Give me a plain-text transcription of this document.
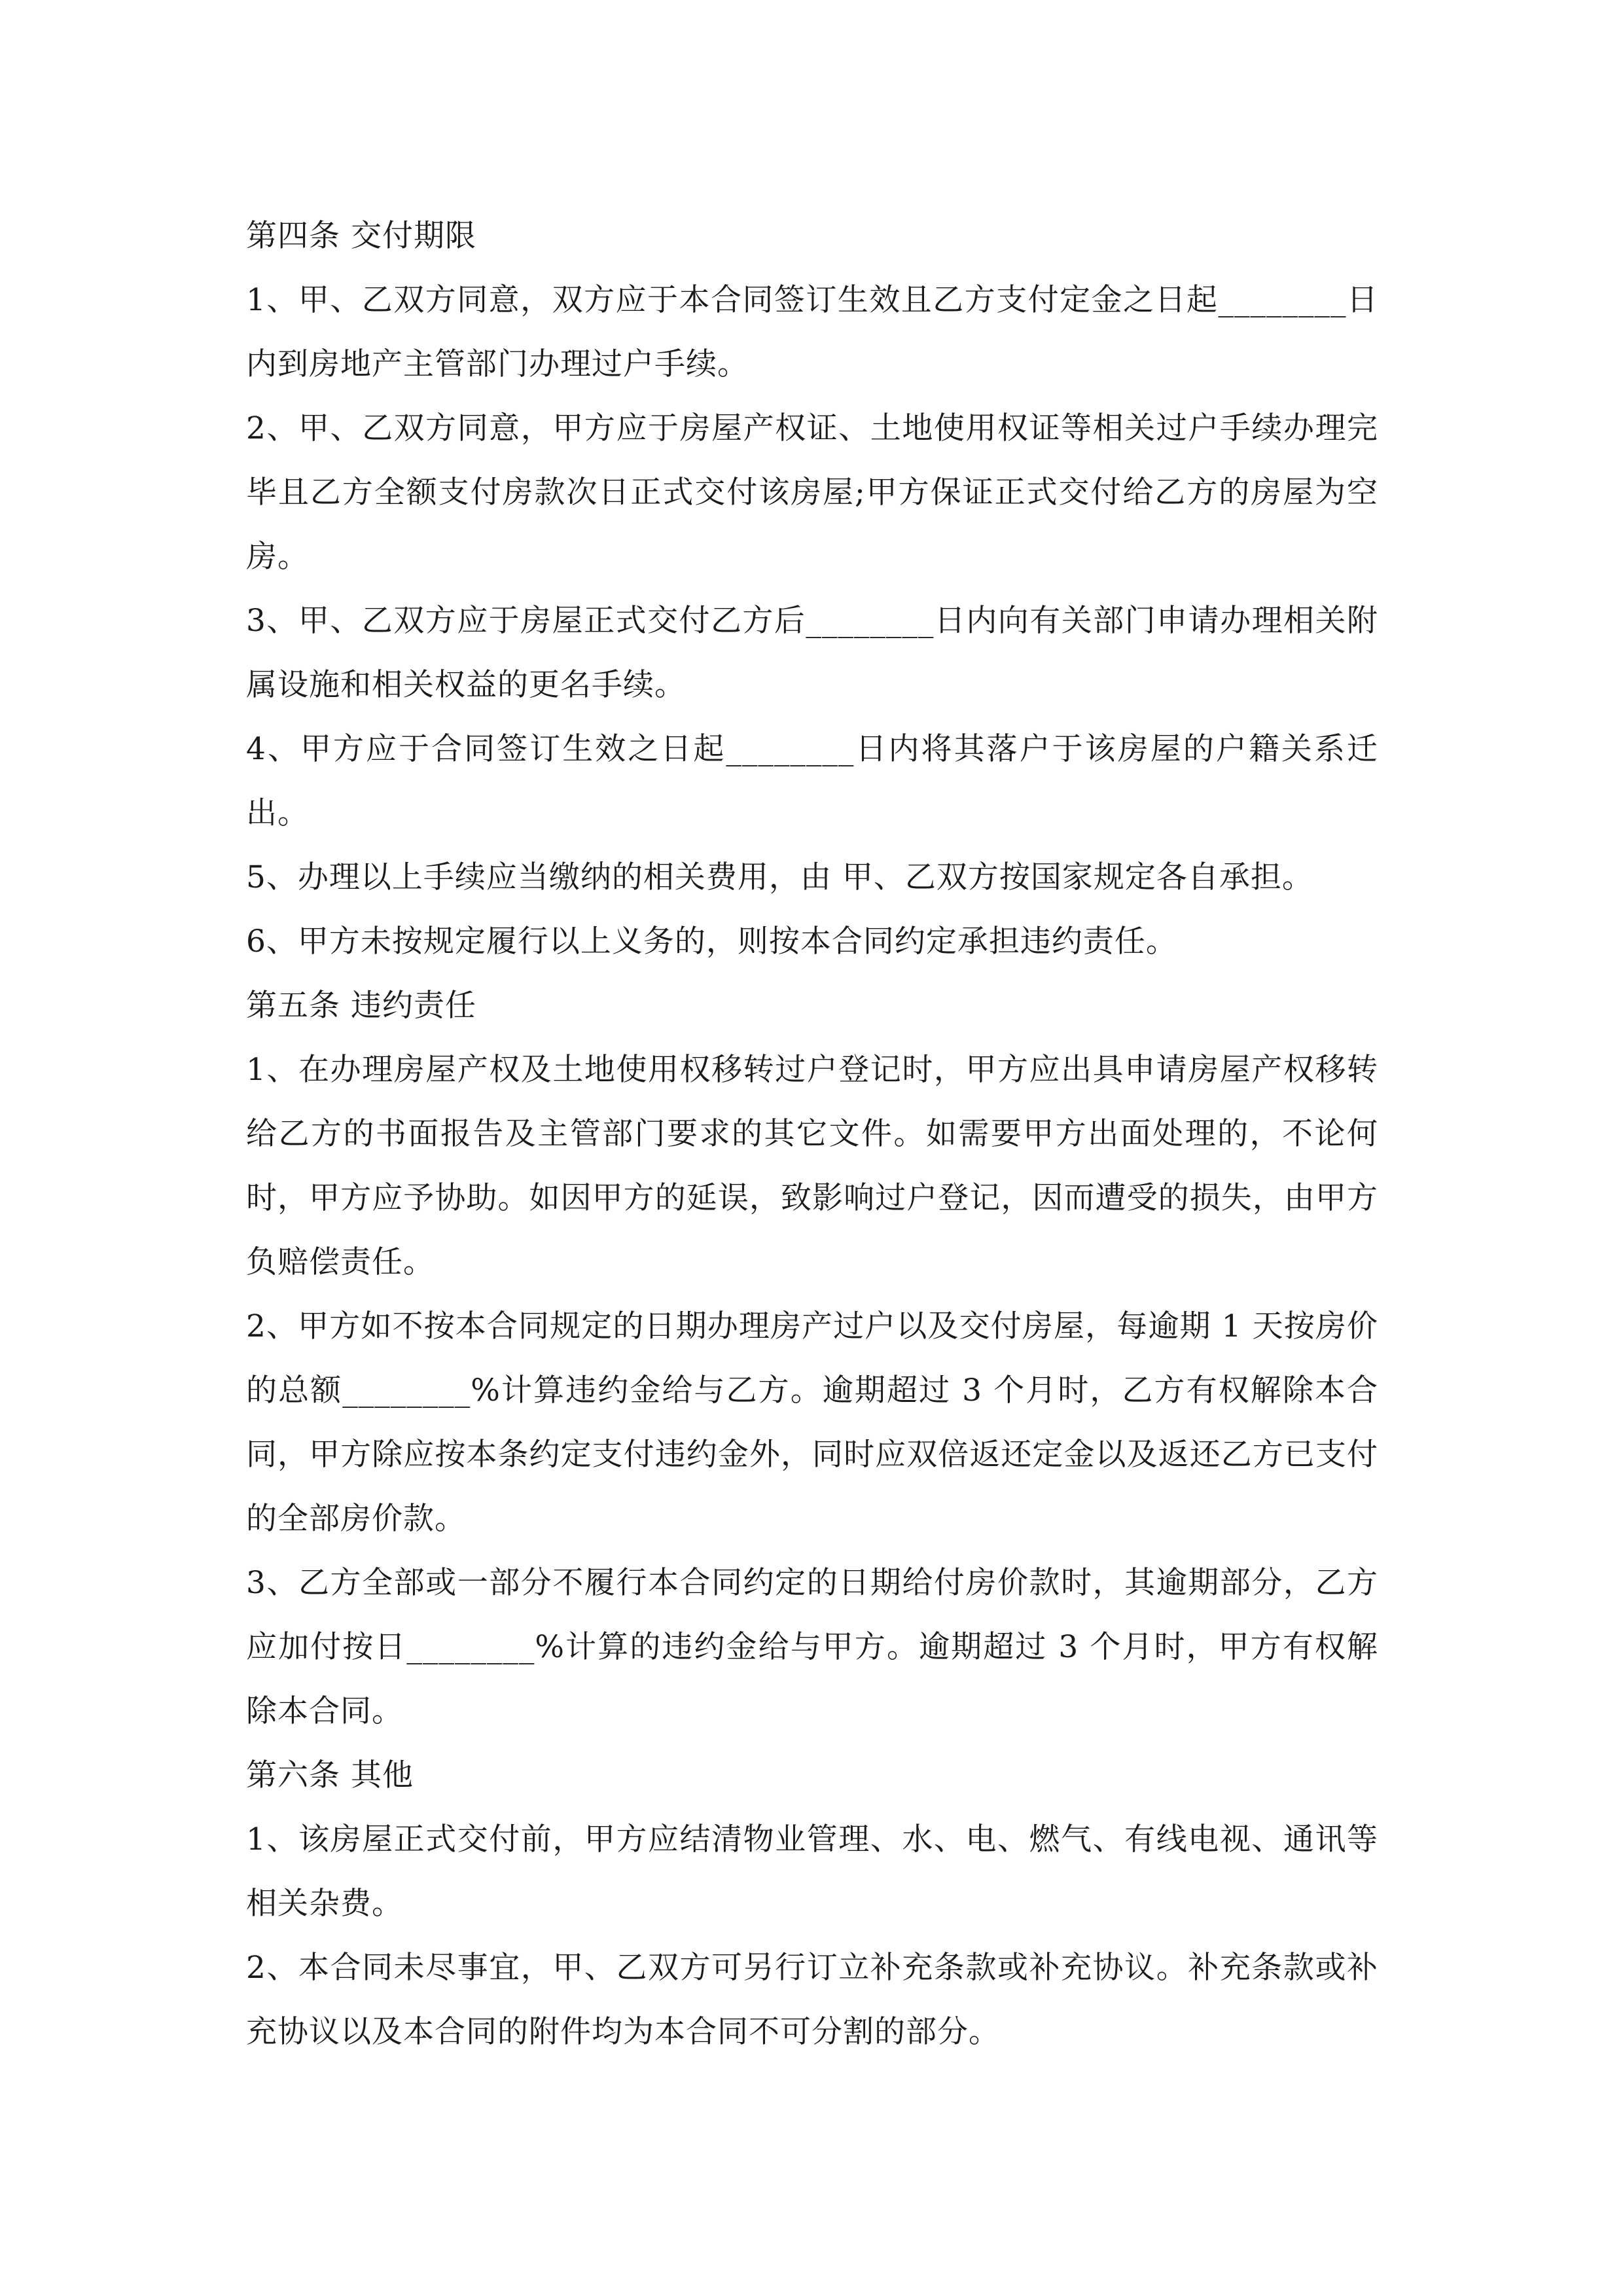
第四条 交付期限

1、甲、乙双方同意，双方应于本合同签订生效且乙方支付定金之日起________日内到房地产主管部门办理过户手续。

2、甲、乙双方同意，甲方应于房屋产权证、土地使用权证等相关过户手续办理完毕且乙方全额支付房款次日正式交付该房屋;甲方保证正式交付给乙方的房屋为空房。

3、甲、乙双方应于房屋正式交付乙方后________日内向有关部门申请办理相关附属设施和相关权益的更名手续。

4、甲方应于合同签订生效之日起________日内将其落户于该房屋的户籍关系迁出。

5、办理以上手续应当缴纳的相关费用，由 甲、乙双方按国家规定各自承担。

6、甲方未按规定履行以上义务的，则按本合同约定承担违约责任。

第五条 违约责任

1、在办理房屋产权及土地使用权移转过户登记时，甲方应出具申请房屋产权移转给乙方的书面报告及主管部门要求的其它文件。如需要甲方出面处理的，不论何时，甲方应予协助。如因甲方的延误，致影响过户登记，因而遭受的损失，由甲方负赔偿责任。

2、甲方如不按本合同规定的日期办理房产过户以及交付房屋，每逾期 1 天按房价的总额________%计算违约金给与乙方。逾期超过 3 个月时，乙方有权解除本合同，甲方除应按本条约定支付违约金外，同时应双倍返还定金以及返还乙方已支付的全部房价款。

3、乙方全部或一部分不履行本合同约定的日期给付房价款时，其逾期部分，乙方应加付按日________%计算的违约金给与甲方。逾期超过 3 个月时，甲方有权解除本合同。

第六条 其他

1、该房屋正式交付前，甲方应结清物业管理、水、电、燃气、有线电视、通讯等相关杂费。

2、本合同未尽事宜，甲、乙双方可另行订立补充条款或补充协议。补充条款或补充协议以及本合同的附件均为本合同不可分割的部分。
